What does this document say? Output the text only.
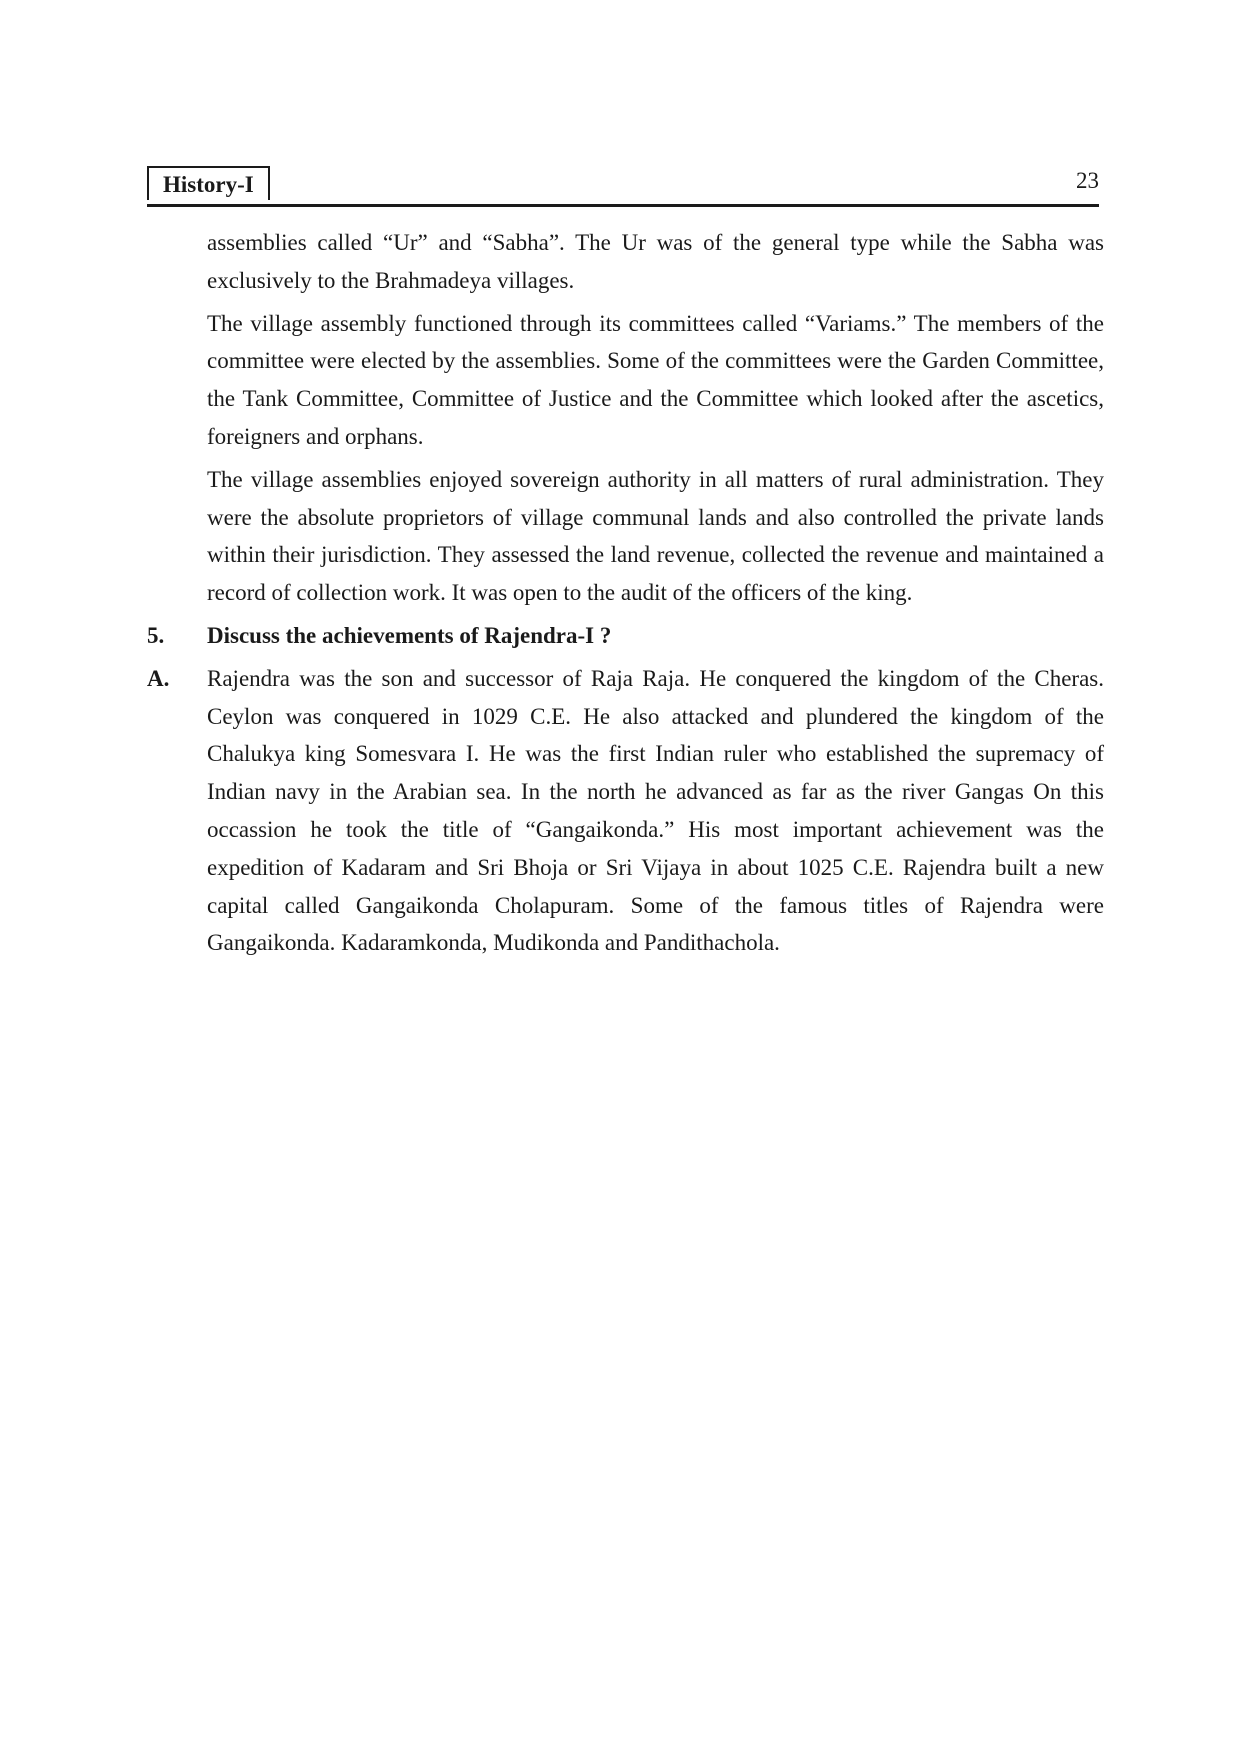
History-I	23

assemblies called “Ur” and “Sabha”. The Ur was of the general type while the Sabha was exclusively to the Brahmadeya villages.

The village assembly functioned through its committees called “Variams.” The members of the committee were elected by the assemblies. Some of the committees were the Garden Committee, the Tank Committee, Committee of Justice and the Committee which looked after the ascetics, foreigners and orphans.

The village assemblies enjoyed sovereign authority in all matters of rural administration. They were the absolute proprietors of village communal lands and also controlled the private lands within their jurisdiction. They assessed the land revenue, collected the revenue and maintained a record of collection work. It was open to the audit of the officers of the king.

5. Discuss the achievements of Rajendra-I ?
A. Rajendra was the son and successor of Raja Raja. He conquered the kingdom of the Cheras. Ceylon was conquered in 1029 C.E. He also attacked and plundered the kingdom of the Chalukya king Somesvara I. He was the first Indian ruler who established the supremacy of Indian navy in the Arabian sea. In the north he advanced as far as the river Gangas On this occassion he took the title of “Gangaikonda.” His most important achievement was the expedition of Kadaram and Sri Bhoja or Sri Vijaya in about 1025 C.E. Rajendra built a new capital called Gangaikonda Cholapuram. Some of the famous titles of Rajendra were Gangaikonda. Kadaramkonda, Mudikonda and Pandithachola.
